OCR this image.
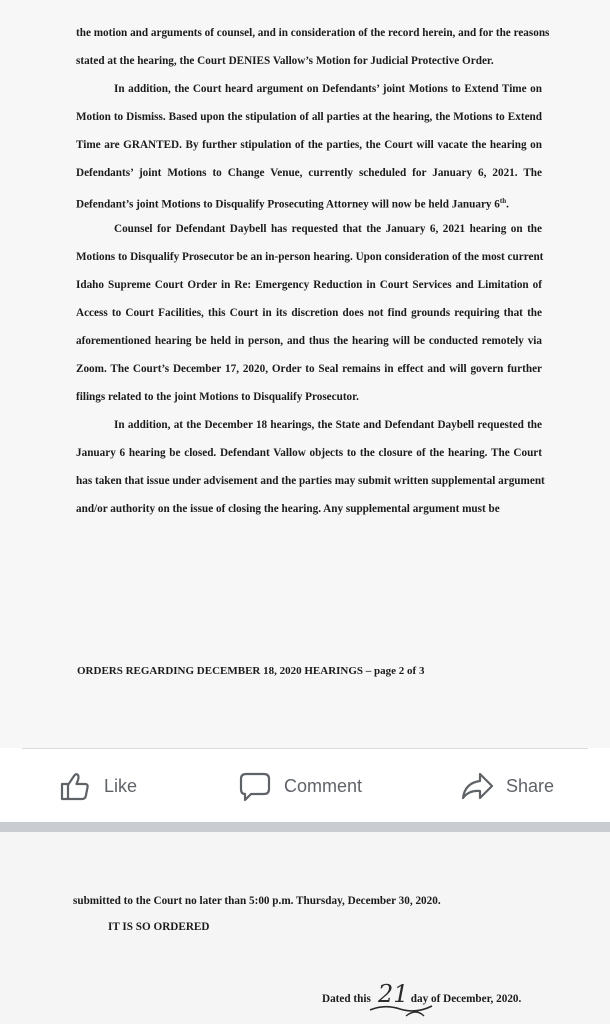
the motion and arguments of counsel, and in consideration of the record herein, and for the reasons

stated at the hearing, the Court DENIES Vallow’s Motion for Judicial Protective Order.

In addition, the Court heard argument on Defendants’ joint Motions to Extend Time on

Motion to Dismiss. Based upon the stipulation of all parties at the hearing, the Motions to Extend

Time are GRANTED. By further stipulation of the parties, the Court will vacate the hearing on

Defendants’ joint Motions to Change Venue, currently scheduled for January 6, 2021. The

Defendant’s joint Motions to Disqualify Prosecuting Attorney will now be held January 6th.

Counsel for Defendant Daybell has requested that the January 6, 2021 hearing on the

Motions to Disqualify Prosecutor be an in-person hearing. Upon consideration of the most current

Idaho Supreme Court Order in Re: Emergency Reduction in Court Services and Limitation of

Access to Court Facilities, this Court in its discretion does not find grounds requiring that the

aforementioned hearing be held in person, and thus the hearing will be conducted remotely via

Zoom. The Court’s December 17, 2020, Order to Seal remains in effect and will govern further

filings related to the joint Motions to Disqualify Prosecutor.

In addition, at the December 18 hearings, the State and Defendant Daybell requested the

January 6 hearing be closed. Defendant Vallow objects to the closure of the hearing. The Court

has taken that issue under advisement and the parties may submit written supplemental argument

and/or authority on the issue of closing the hearing. Any supplemental argument must be

ORDERS REGARDING DECEMBER 18, 2020 HEARINGS – page 2 of 3

Like	Comment	Share

submitted to the Court no later than 5:00 p.m. Thursday, December 30, 2020.

IT IS SO ORDERED

Dated this	day of December, 2020.

21
